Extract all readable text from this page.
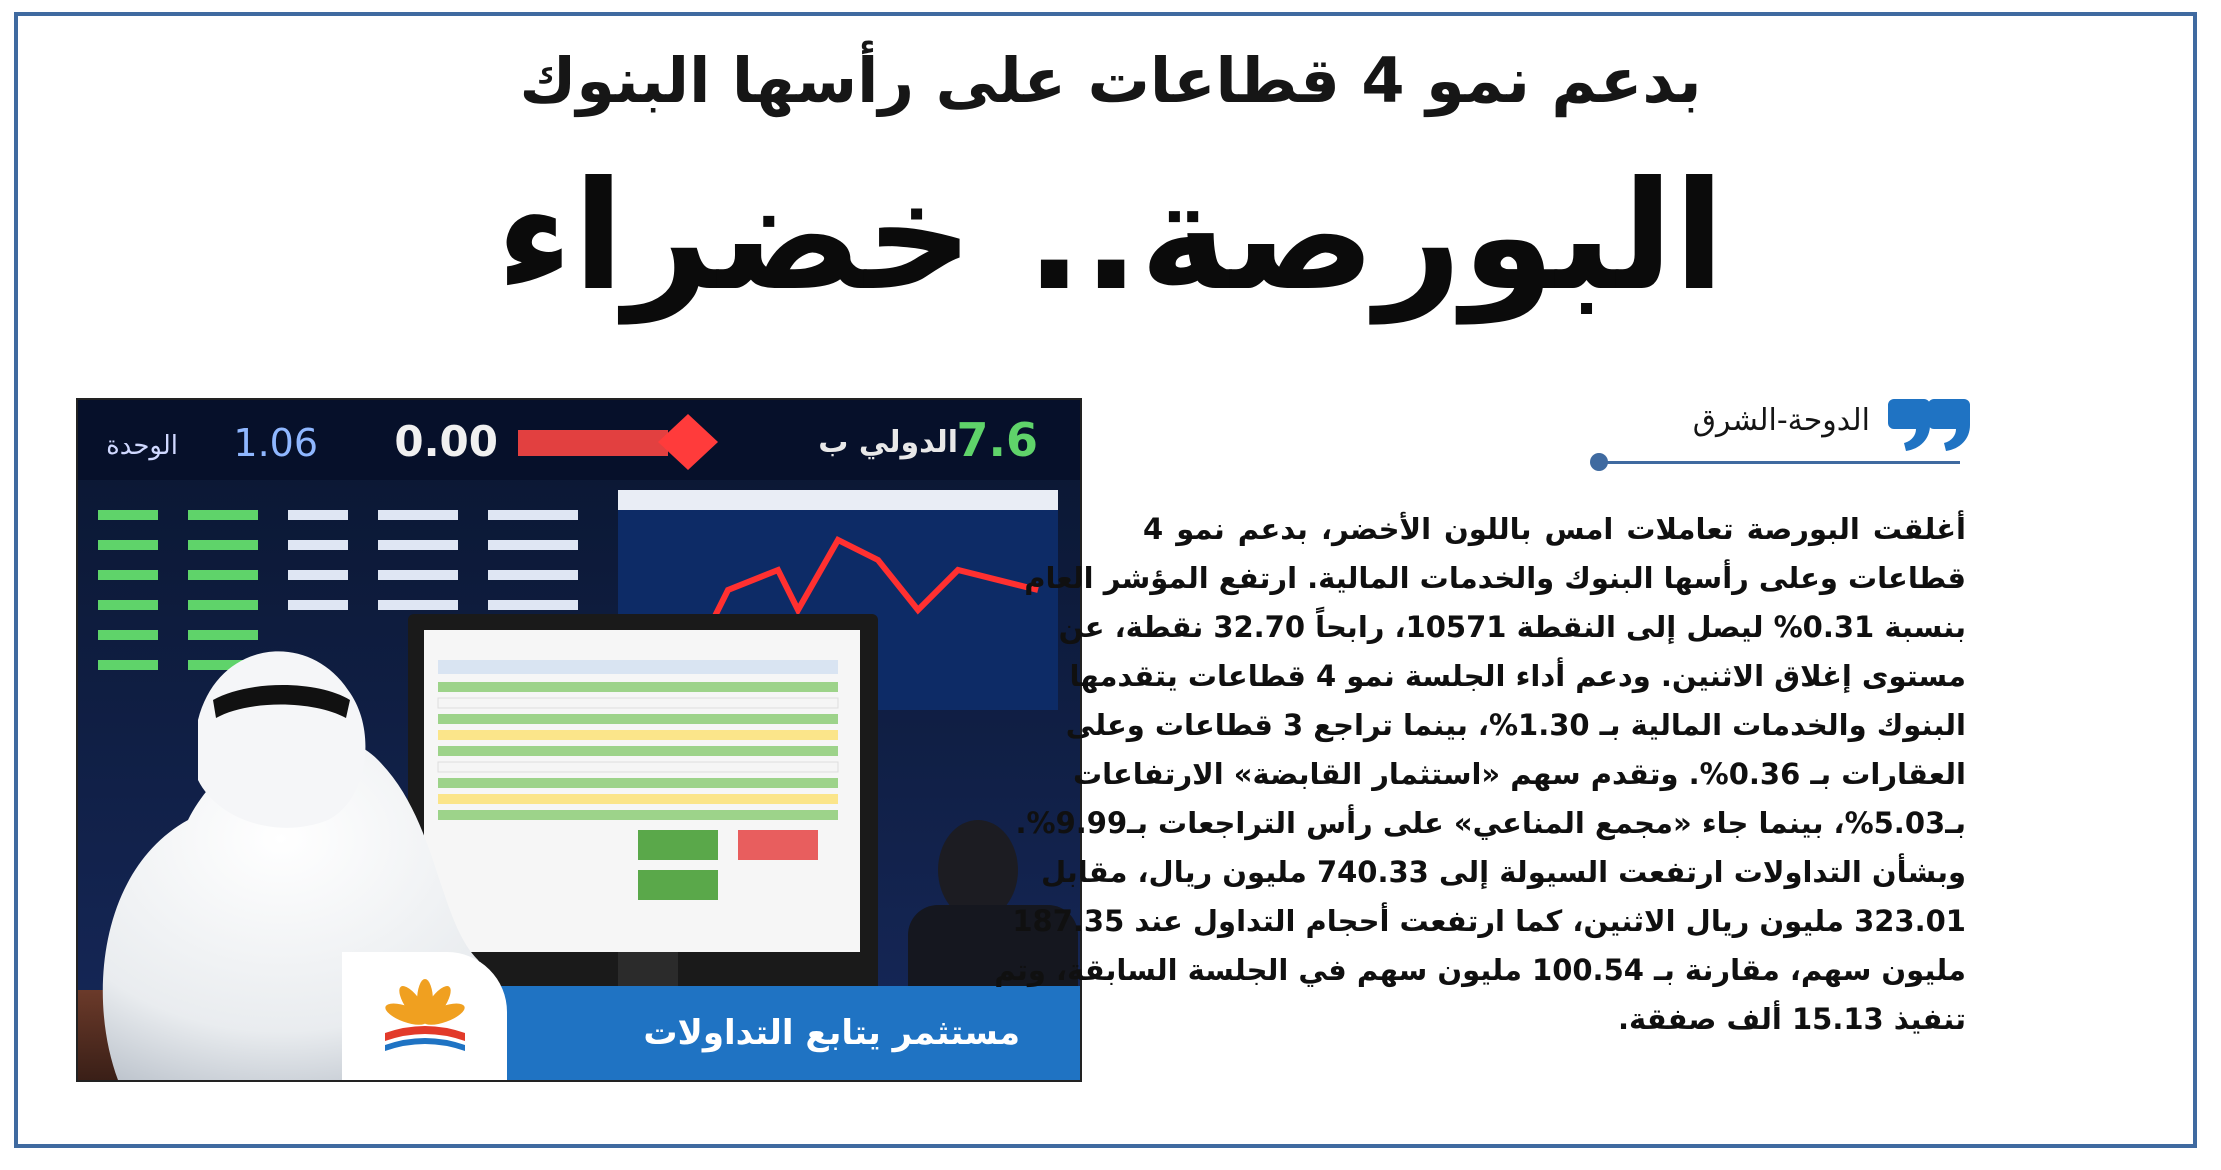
بدعم نمو 4 قطاعات على رأسها البنوك
البورصة.. خضراء
7.6
الدولي ب
0.00
1.06
الوحدة
مستثمر يتابع التداولات
الدوحة-الشرق
أغلقت البورصة تعاملات امس باللون الأخضر، بدعم نمو 4
قطاعات وعلى رأسها البنوك والخدمات المالية. ارتفع المؤشر العام
بنسبة 0.31% ليصل إلى النقطة 10571، رابحاً 32.70 نقطة، عن
مستوى إغلاق الاثنين. ودعم أداء الجلسة نمو 4 قطاعات يتقدمها
البنوك والخدمات المالية بـ 1.30%، بينما تراجع 3 قطاعات وعلى
العقارات بـ 0.36%. وتقدم سهم «استثمار القابضة» الارتفاعات
بـ5.03%، بينما جاء «مجمع المناعي» على رأس التراجعات بـ9.99%.
وبشأن التداولات ارتفعت السيولة إلى 740.33 مليون ريال، مقابل
323.01 مليون ريال الاثنين، كما ارتفعت أحجام التداول عند 187.35
مليون سهم، مقارنة بـ 100.54 مليون سهم في الجلسة السابقة، وتم
تنفيذ 15.13 ألف صفقة.
